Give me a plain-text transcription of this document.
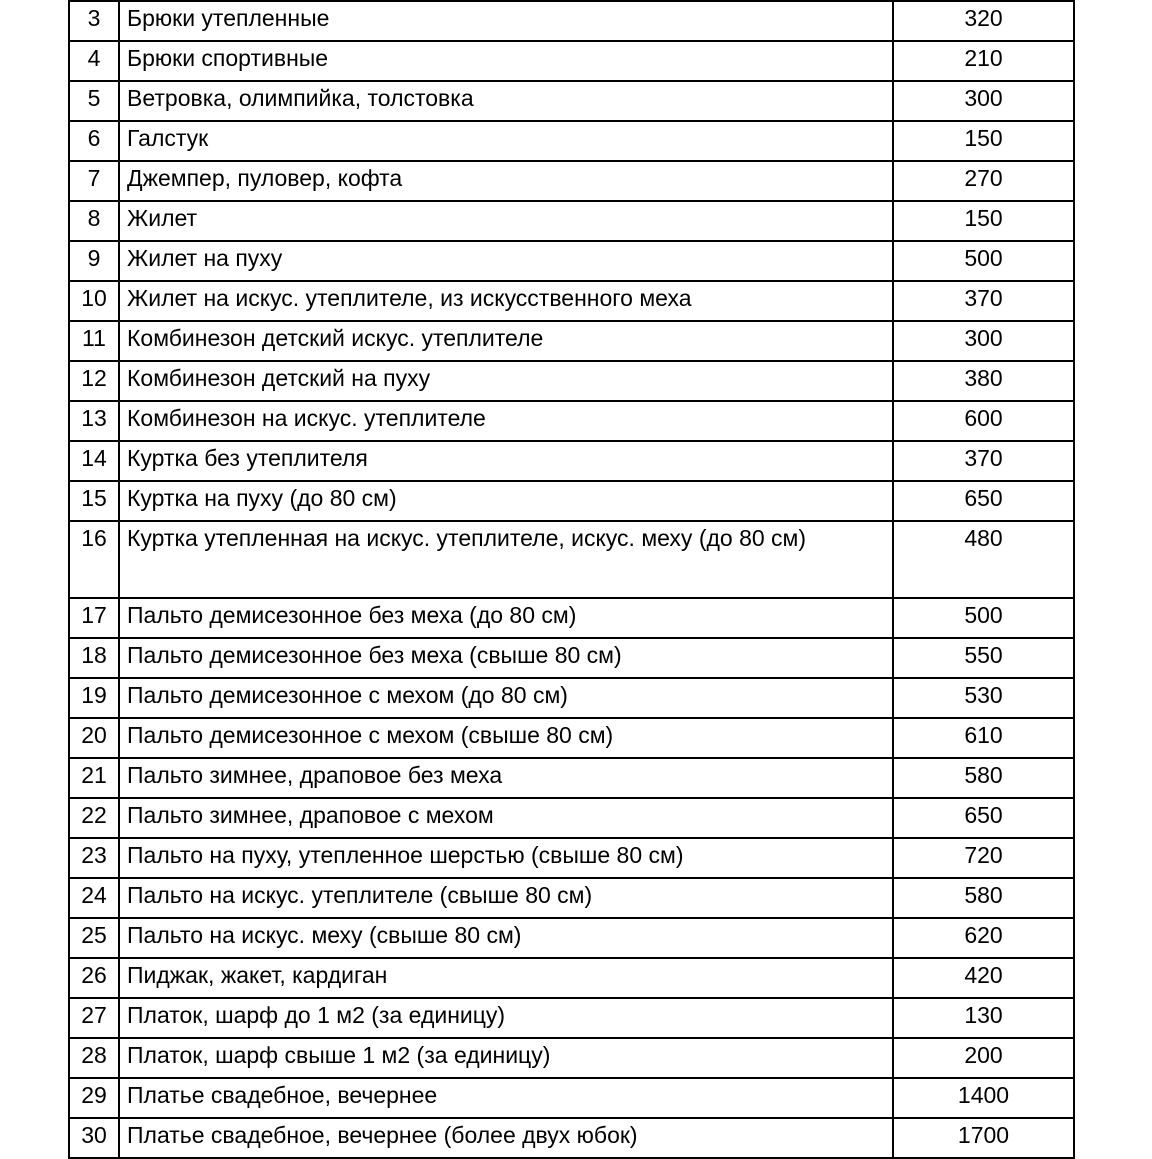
3	Брюки утепленные	320
4	Брюки спортивные	210
5	Ветровка, олимпийка, толстовка	300
6	Галстук	150
7	Джемпер, пуловер, кофта	270
8	Жилет	150
9	Жилет на пуху	500
10	Жилет на искус. утеплителе, из искусственного меха	370
11	Комбинезон детский искус. утеплителе	300
12	Комбинезон детский на пуху	380
13	Комбинезон на искус. утеплителе	600
14	Куртка без утеплителя	370
15	Куртка на пуху (до 80 см)	650
16	Куртка утепленная на искус. утеплителе, искус. меху (до 80 см)	480
17	Пальто демисезонное без меха (до 80 см)	500
18	Пальто демисезонное без меха (свыше 80 см)	550
19	Пальто демисезонное с мехом (до 80 см)	530
20	Пальто демисезонное с мехом (свыше 80 см)	610
21	Пальто зимнее, драповое без меха	580
22	Пальто зимнее, драповое с мехом	650
23	Пальто на пуху, утепленное шерстью (свыше 80 см)	720
24	Пальто на искус. утеплителе (свыше 80 см)	580
25	Пальто на искус. меху (свыше 80 см)	620
26	Пиджак, жакет, кардиган	420
27	Платок, шарф до 1 м2 (за единицу)	130
28	Платок, шарф свыше 1 м2 (за единицу)	200
29	Платье свадебное, вечернее	1400
30	Платье свадебное, вечернее (более двух юбок)	1700
